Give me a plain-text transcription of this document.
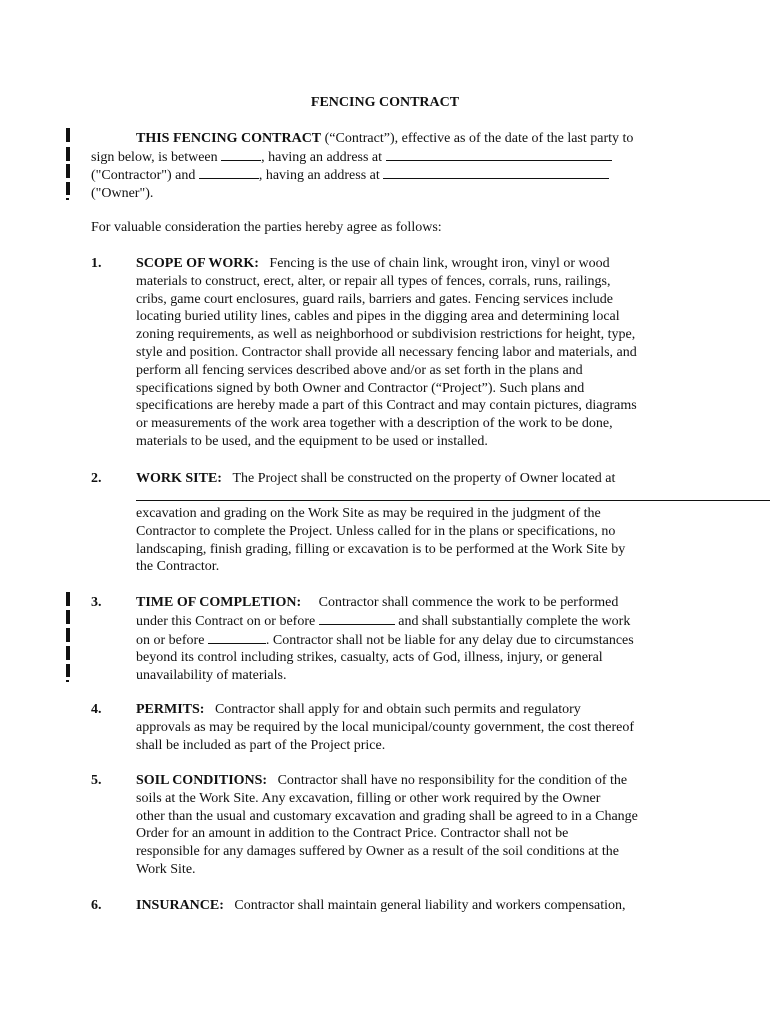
FENCING CONTRACT
THIS FENCING CONTRACT (“Contract”), effective as of the date of the last party to
sign below, is between	, having an address at
("Contractor") and	, having an address at
("Owner").
For valuable consideration the parties hereby agree as follows:
1. SCOPE OF WORK: Fencing is the use of chain link, wrought iron, vinyl or wood
materials to construct, erect, alter, or repair all types of fences, corrals, runs, railings,
cribs, game court enclosures, guard rails, barriers and gates. Fencing services include
locating buried utility lines, cables and pipes in the digging area and determining local
zoning requirements, as well as neighborhood or subdivision restrictions for height, type,
style and position. Contractor shall provide all necessary fencing labor and materials, and
perform all fencing services described above and/or as set forth in the plans and
specifications signed by both Owner and Contractor (“Project”). Such plans and
specifications are hereby made a part of this Contract and may contain pictures, diagrams
or measurements of the work area together with a description of the work to be done,
materials to be used, and the equipment to be used or installed.
2. WORK SITE: The Project shall be constructed on the property of Owner located at
excavation and grading on the Work Site as may be required in the judgment of the
Contractor to complete the Project. Unless called for in the plans or specifications, no
landscaping, finish grading, filling or excavation is to be performed at the Work Site by
the Contractor.
3. TIME OF COMPLETION: Contractor shall commence the work to be performed
under this Contract on or before	and shall substantially complete the work
on or before	. Contractor shall not be liable for any delay due to circumstances
beyond its control including strikes, casualty, acts of God, illness, injury, or general
unavailability of materials.
4. PERMITS: Contractor shall apply for and obtain such permits and regulatory
approvals as may be required by the local municipal/county government, the cost thereof
shall be included as part of the Project price.
5. SOIL CONDITIONS: Contractor shall have no responsibility for the condition of the
soils at the Work Site. Any excavation, filling or other work required by the Owner
other than the usual and customary excavation and grading shall be agreed to in a Change
Order for an amount in addition to the Contract Price. Contractor shall not be
responsible for any damages suffered by Owner as a result of the soil conditions at the
Work Site.
6. INSURANCE: Contractor shall maintain general liability and workers compensation,
